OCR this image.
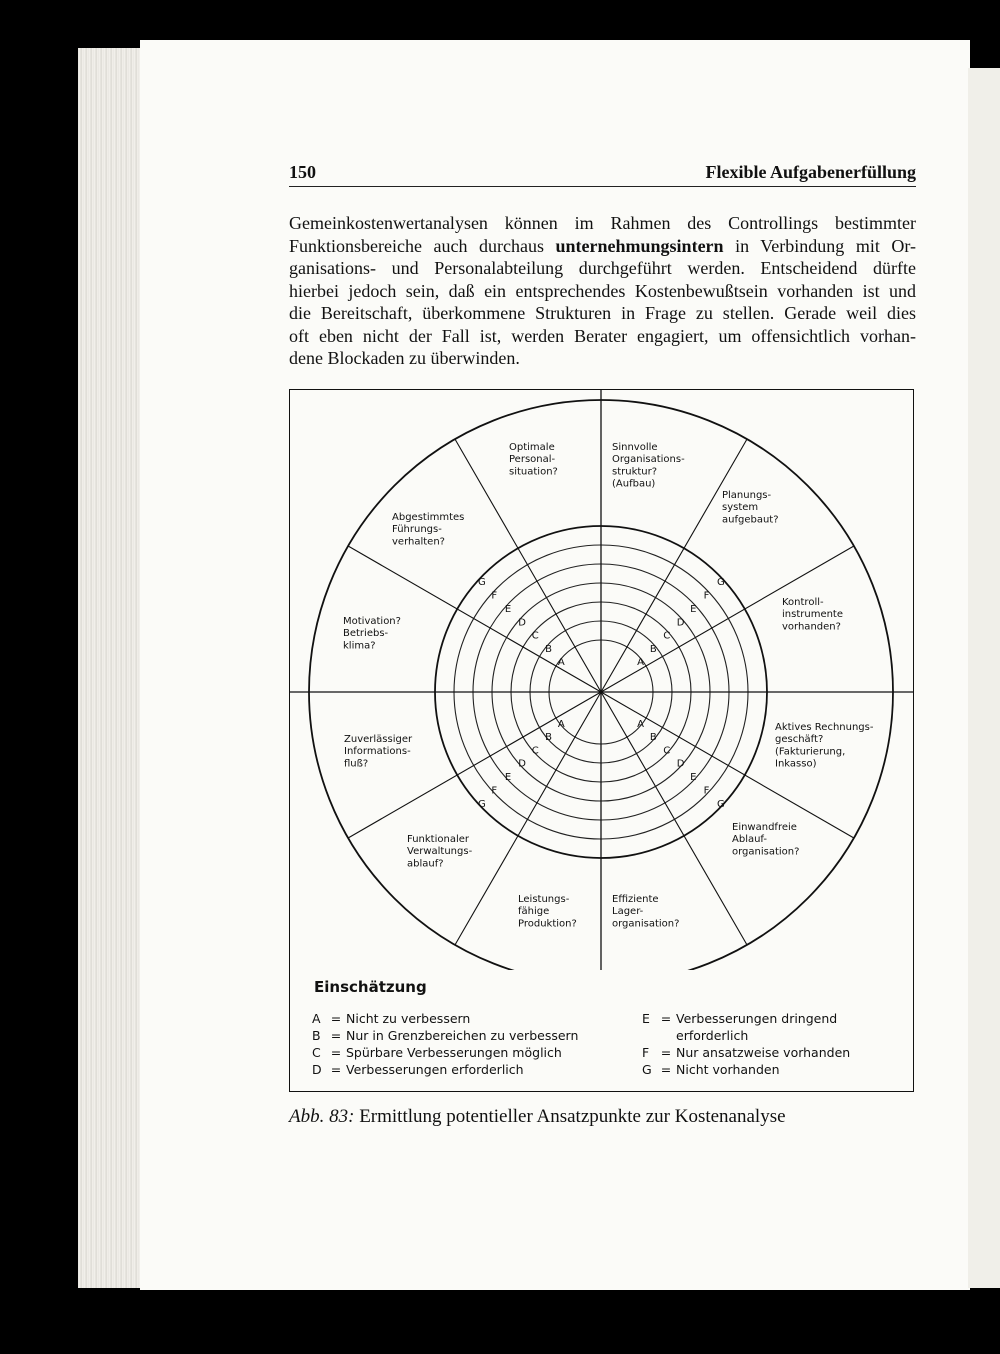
150	Flexible Aufgabenerfüllung
Gemeinkostenwertanalysen können im Rahmen des Controllings bestimmter
Funktionsbereiche auch durchaus unternehmungsintern in Verbindung mit Or-
ganisations- und Personalabteilung durchgeführt werden. Entscheidend dürfte
hierbei jedoch sein, daß ein entsprechendes Kostenbewußtsein vorhanden ist und
die Bereitschaft, überkommene Strukturen in Frage zu stellen. Gerade weil dies
oft eben nicht der Fall ist, werden Berater engagiert, um offensichtlich vorhan-
dene Blockaden zu überwinden.
A
B
C
D
E
F
G
A
B
C
D
E
F
G
A
B
C
D
E
F
G
A
B
C
D
E
F
G
Optimale
Personal-
situation?
Sinnvolle
Organisations-
struktur?
(Aufbau)
Planungs-
system
aufgebaut?
Kontroll-
instrumente
vorhanden?
Aktives Rechnungs-
geschäft?
(Fakturierung,
Inkasso)
Einwandfreie
Ablauf-
organisation?
Effiziente
Lager-
organisation?
Leistungs-
fähige
Produktion?
Funktionaler
Verwaltungs-
ablauf?
Zuverlässiger
Informations-
fluß?
Motivation?
Betriebs-
klima?
Abgestimmtes
Führungs-
verhalten?
Einschätzung
A = Nicht zu verbessern
B = Nur in Grenzbereichen zu verbessern
C = Spürbare Verbesserungen möglich
D = Verbesserungen erforderlich
E = Verbesserungen dringend
erforderlich
F = Nur ansatzweise vorhanden
G = Nicht vorhanden
Abb. 83: Ermittlung potentieller Ansatzpunkte zur Kostenanalyse
